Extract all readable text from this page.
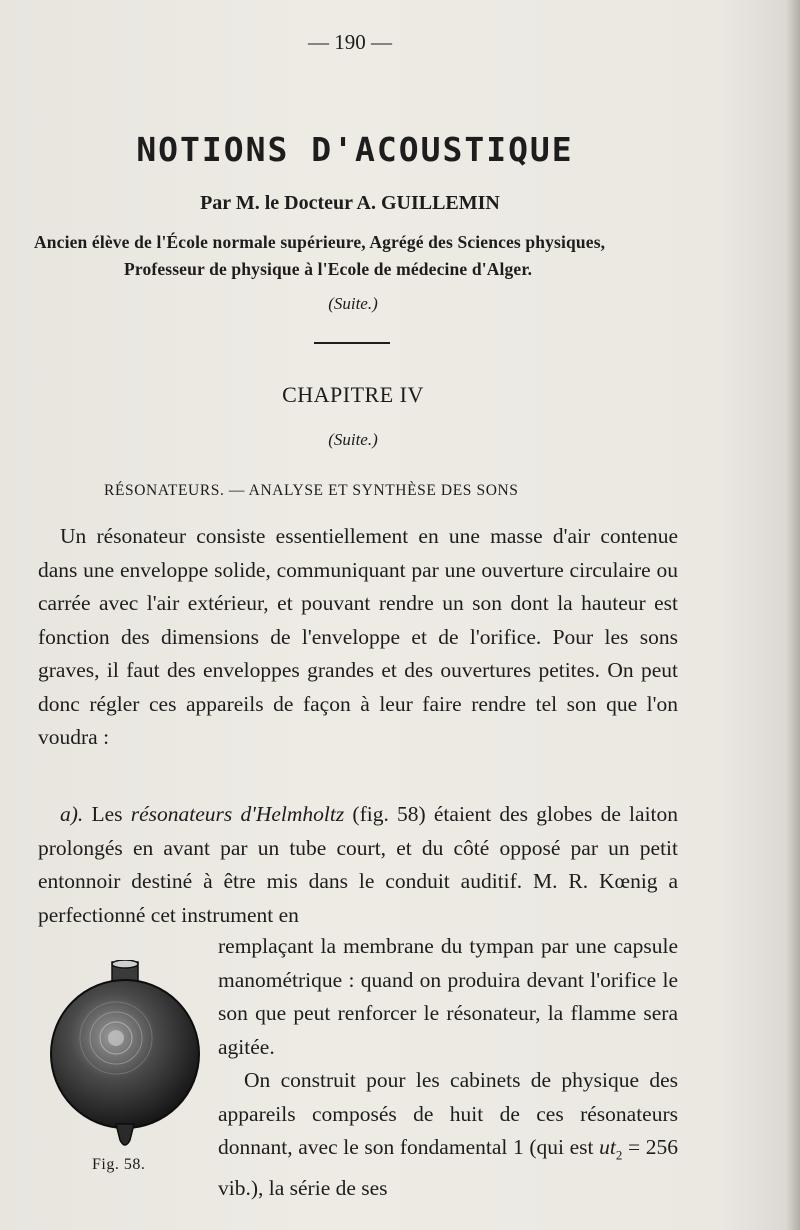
— 190 —
NOTIONS D'ACOUSTIQUE
Par M. le Docteur A. GUILLEMIN
Ancien élève de l'École normale supérieure, Agrégé des Sciences physiques,
Professeur de physique à l'Ecole de médecine d'Alger.
(Suite.)
CHAPITRE IV
(Suite.)
RÉSONATEURS. — ANALYSE ET SYNTHÈSE DES SONS
Un résonateur consiste essentiellement en une masse d'air contenue dans une enveloppe solide, communiquant par une ouverture circulaire ou carrée avec l'air extérieur, et pouvant rendre un son dont la hauteur est fonction des dimensions de l'enveloppe et de l'orifice. Pour les sons graves, il faut des enveloppes grandes et des ouvertures petites. On peut donc régler ces appareils de façon à leur faire rendre tel son que l'on voudra :
a). Les résonateurs d'Helmholtz (fig. 58) étaient des globes de laiton prolongés en avant par un tube court, et du côté opposé par un petit entonnoir destiné à être mis dans le conduit auditif. M. R. Kœnig a perfectionné cet instrument en
remplaçant la membrane du tympan par une capsule manométrique : quand on produira devant l'orifice le son que peut renforcer le résonateur, la flamme sera agitée.
On construit pour les cabinets de physique des appareils composés de huit de ces résonateurs donnant, avec le son fondamental 1 (qui est $ut_2 = 256$ vib.), la série de ses
Fig. 58.
